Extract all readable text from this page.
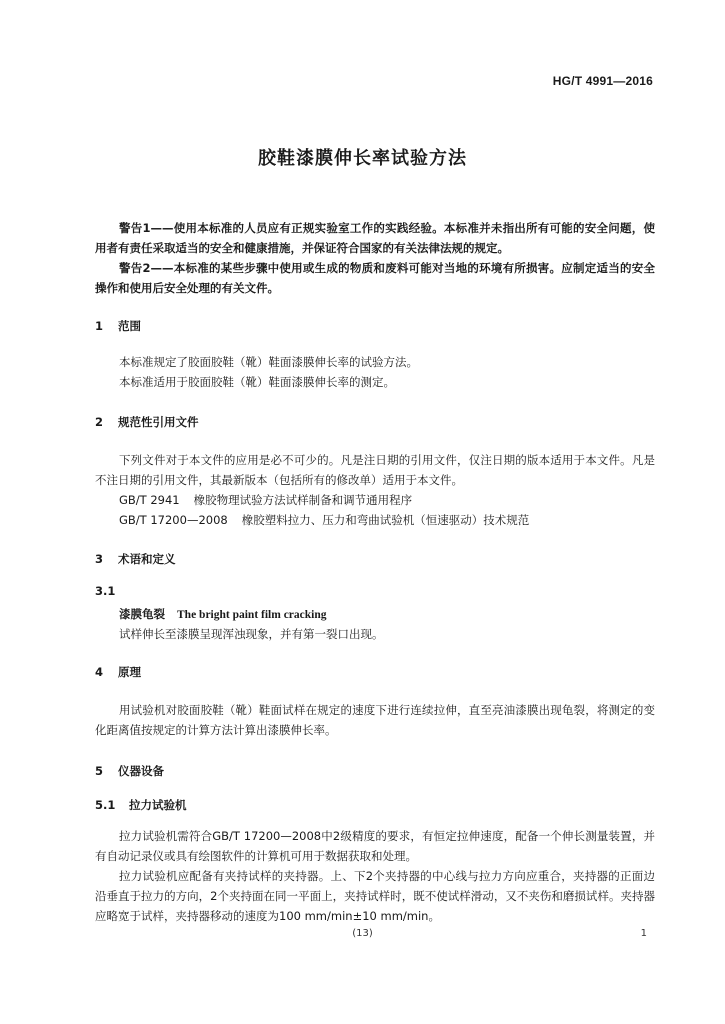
HG/T 4991—2016
胶鞋漆膜伸长率试验方法
警告1——使用本标准的人员应有正规实验室工作的实践经验。本标准并未指出所有可能的安全问题，使用者有责任采取适当的安全和健康措施，并保证符合国家的有关法律法规的规定。
警告2——本标准的某些步骤中使用或生成的物质和废料可能对当地的环境有所损害。应制定适当的安全操作和使用后安全处理的有关文件。
1 范围
本标准规定了胶面胶鞋（靴）鞋面漆膜伸长率的试验方法。
本标准适用于胶面胶鞋（靴）鞋面漆膜伸长率的测定。
2 规范性引用文件
下列文件对于本文件的应用是必不可少的。凡是注日期的引用文件，仅注日期的版本适用于本文件。凡是不注日期的引用文件，其最新版本（包括所有的修改单）适用于本文件。
GB/T 2941 橡胶物理试验方法试样制备和调节通用程序
GB/T 17200—2008 橡胶塑料拉力、压力和弯曲试验机（恒速驱动）技术规范
3 术语和定义
3.1
漆膜龟裂 The bright paint film cracking
试样伸长至漆膜呈现浑浊现象，并有第一裂口出现。
4 原理
用试验机对胶面胶鞋（靴）鞋面试样在规定的速度下进行连续拉伸，直至亮油漆膜出现龟裂，将测定的变化距离值按规定的计算方法计算出漆膜伸长率。
5 仪器设备
5.1 拉力试验机
拉力试验机需符合GB/T 17200—2008中2级精度的要求，有恒定拉伸速度，配备一个伸长测量装置，并有自动记录仪或具有绘图软件的计算机可用于数据获取和处理。
拉力试验机应配备有夹持试样的夹持器。上、下2个夹持器的中心线与拉力方向应重合，夹持器的正面边沿垂直于拉力的方向，2个夹持面在同一平面上，夹持试样时，既不使试样滑动，又不夹伤和磨损试样。夹持器应略宽于试样，夹持器移动的速度为100 mm/min±10 mm/min。
(13)	1
